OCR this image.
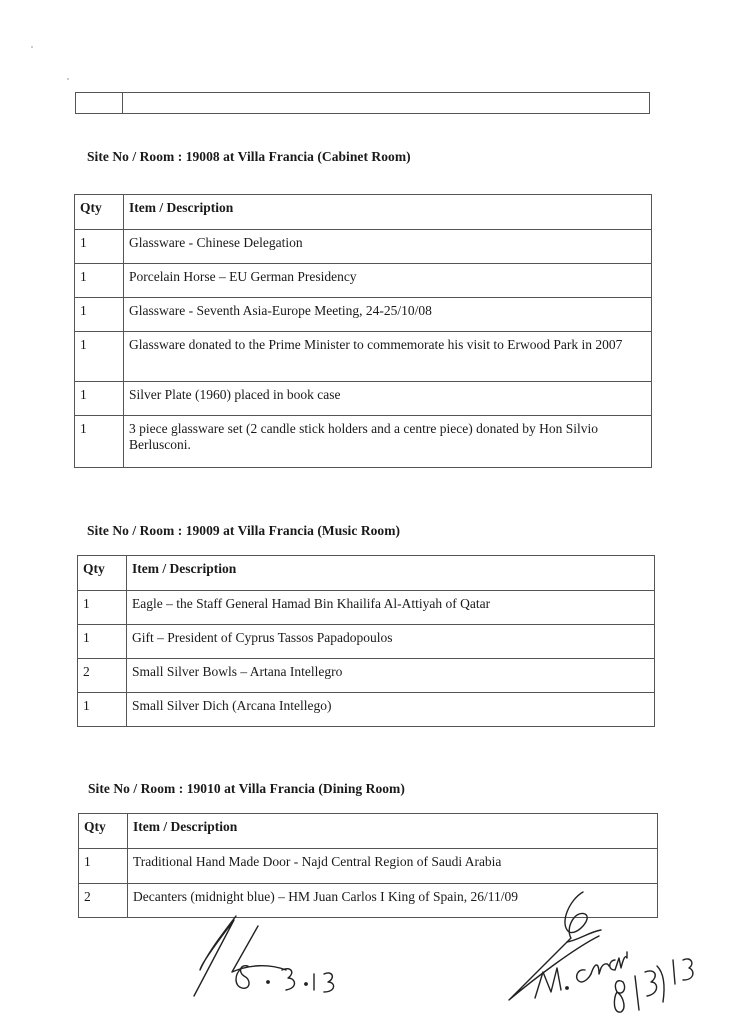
Site No / Room : 19008 at Villa Francia (Cabinet Room)
Qty	Item / Description
1	Glassware - Chinese Delegation
1	Porcelain Horse – EU German Presidency
1	Glassware - Seventh Asia-Europe Meeting, 24-25/10/08
1	Glassware donated to the Prime Minister to commemorate his visit to Erwood Park in 2007
1	Silver Plate (1960) placed in book case
1	3 piece glassware set (2 candle stick holders and a centre piece) donated by Hon Silvio Berlusconi.
Site No / Room : 19009 at Villa Francia (Music Room)
Qty	Item / Description
1	Eagle – the Staff General Hamad Bin Khailifa Al-Attiyah of Qatar
1	Gift – President of Cyprus Tassos Papadopoulos
2	Small Silver Bowls – Artana Intellegro
1	Small Silver Dich (Arcana Intellego)
Site No / Room : 19010 at Villa Francia (Dining Room)
Qty	Item / Description
1	Traditional Hand Made Door - Najd Central Region of Saudi Arabia
2	Decanters (midnight blue) – HM Juan Carlos I King of Spain, 26/11/09
